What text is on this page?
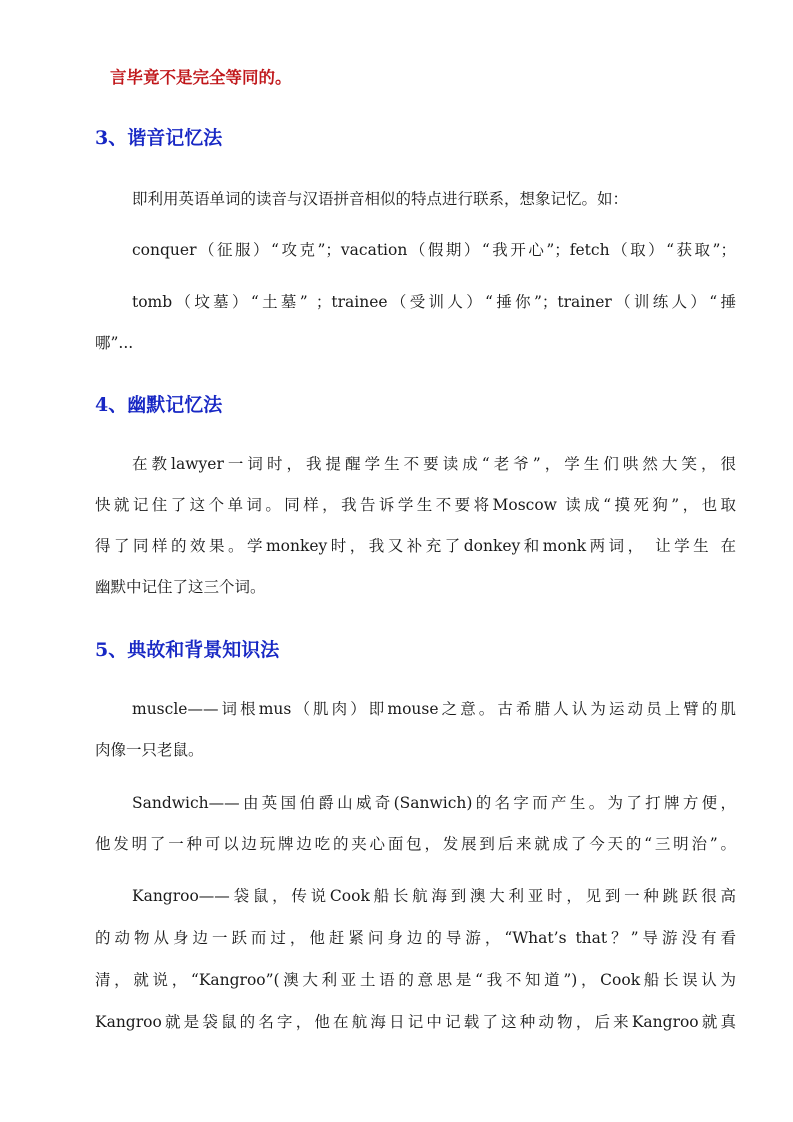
言毕竟不是完全等同的。
3、谐音记忆法
即利用英语单词的读音与汉语拼音相似的特点进行联系，想象记忆。如：
conquer（征服）“攻克”；vacation（假期）“我开心”；fetch（取）“获取”；
tomb（坟墓）“土墓” ；trainee（受训人）“捶你”；trainer（训练人）“捶
哪”...
4、幽默记忆法
在教lawyer一词时，我提醒学生不要读成“老爷”，学生们哄然大笑，很
快就记住了这个单词。同样，我告诉学生不要将Moscow 读成“摸死狗”，也取
得了同样的效果。学monkey时，我又补充了donkey和monk两词， 让学生 在
幽默中记住了这三个词。
5、典故和背景知识法
muscle——词根mus（肌肉）即mouse之意。古希腊人认为运动员上臂的肌
肉像一只老鼠。
Sandwich——由英国伯爵山威奇(Sanwich)的名字而产生。为了打牌方便，
他发明了一种可以边玩牌边吃的夹心面包，发展到后来就成了今天的“三明治”。
Kangroo——袋鼠，传说Cook船长航海到澳大利亚时，见到一种跳跃很高
的动物从身边一跃而过，他赶紧问身边的导游，“What’s that？”导游没有看
清，就说，“Kangroo”(澳大利亚土语的意思是“我不知道”)，Cook船长误认为
Kangroo就是袋鼠的名字，他在航海日记中记载了这种动物，后来Kangroo就真
